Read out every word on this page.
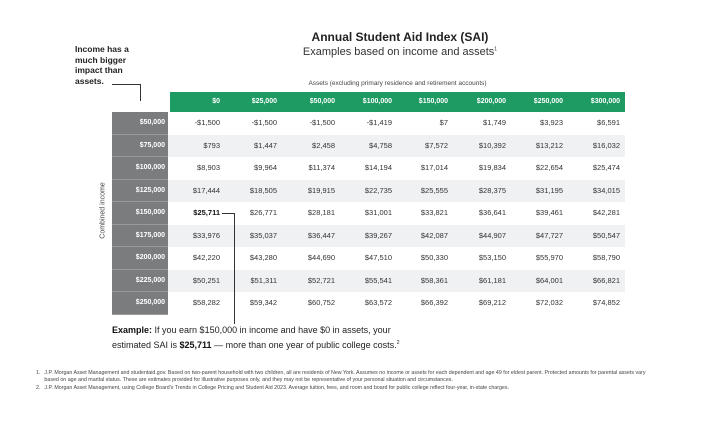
Annual Student Aid Index (SAI)
Examples based on income and assets$^1$
Income has a
much bigger
impact than
assets.	Assets (excluding primary residence and retirement accounts)
Combined income
$0	$25,000	$50,000	$100,000	$150,000	$200,000	$250,000	$300,000
$50,000	-$1,500	-$1,500	-$1,500	-$1,419	$7	$1,749	$3,923	$6,591
$75,000	$793	$1,447	$2,458	$4,758	$7,572	$10,392	$13,212	$16,032
$100,000	$8,903	$9,964	$11,374	$14,194	$17,014	$19,834	$22,654	$25,474
$125,000	$17,444	$18,505	$19,915	$22,735	$25,555	$28,375	$31,195	$34,015
$150,000	$25,711	$26,771	$28,181	$31,001	$33,821	$36,641	$39,461	$42,281
$175,000	$33,976	$35,037	$36,447	$39,267	$42,087	$44,907	$47,727	$50,547
$200,000	$42,220	$43,280	$44,690	$47,510	$50,330	$53,150	$55,970	$58,790
$225,000	$50,251	$51,311	$52,721	$55,541	$58,361	$61,181	$64,001	$66,821
$250,000	$58,282	$59,342	$60,752	$63,572	$66,392	$69,212	$72,032	$74,852
Example: If you earn $150,000 in income and have $0 in assets, your
estimated SAI is $25,711 — more than one year of public college costs.$^2$
1. J.P. Morgan Asset Management and studentaid.gov. Based on two-parent household with two children, all are residents of New York. Assumes no income or assets for each dependent and age 49 for eldest parent. Protected amounts for parental assets vary based on age and marital status. These are estimates provided for illustrative purposes only, and they may not be representative of your personal situation and circumstances.
2. J.P. Morgan Asset Management, using College Board's Trends in College Pricing and Student Aid 2023. Average tuition, fees, and room and board for public college reflect four-year, in-state charges.
